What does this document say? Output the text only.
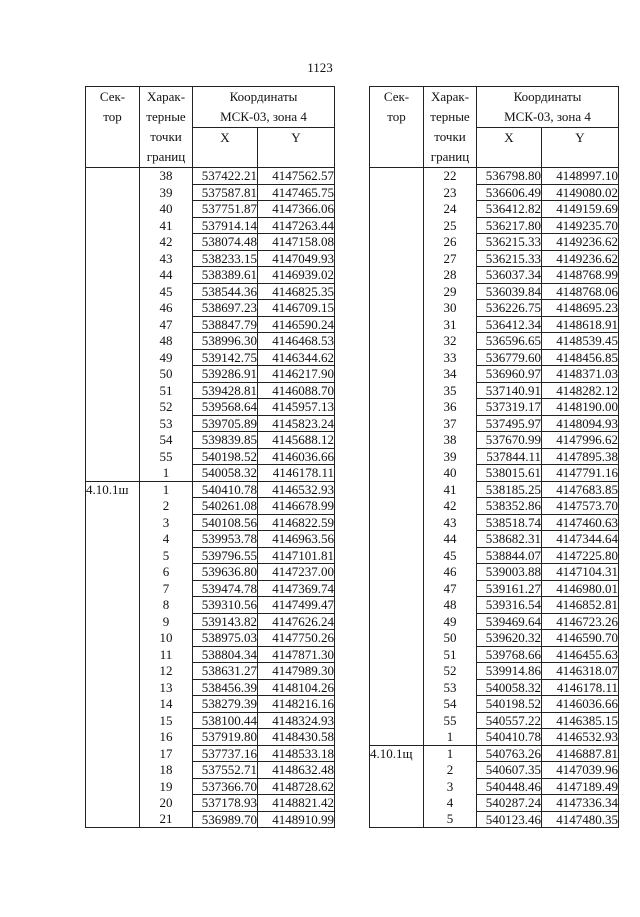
1123
Сек-
тор	Харак-
терные
точки
границ	Координаты
МСК-03, зона 4	
		X	Y
	38	537422.21	4147562.57
	39	537587.81	4147465.75
	40	537751.87	4147366.06
	41	537914.14	4147263.44
	42	538074.48	4147158.08
	43	538233.15	4147049.93
	44	538389.61	4146939.02
	45	538544.36	4146825.35
	46	538697.23	4146709.15
	47	538847.79	4146590.24
	48	538996.30	4146468.53
	49	539142.75	4146344.62
	50	539286.91	4146217.90
	51	539428.81	4146088.70
	52	539568.64	4145957.13
	53	539705.89	4145823.24
	54	539839.85	4145688.12
	55	540198.52	4146036.66
	1	540058.32	4146178.11
4.10.1ш	1	540410.78	4146532.93
	2	540261.08	4146678.99
	3	540108.56	4146822.59
	4	539953.78	4146963.56
	5	539796.55	4147101.81
	6	539636.80	4147237.00
	7	539474.78	4147369.74
	8	539310.56	4147499.47
	9	539143.82	4147626.24
	10	538975.03	4147750.26
	11	538804.34	4147871.30
	12	538631.27	4147989.30
	13	538456.39	4148104.26
	14	538279.39	4148216.16
	15	538100.44	4148324.93
	16	537919.80	4148430.58
	17	537737.16	4148533.18
	18	537552.71	4148632.48
	19	537366.70	4148728.62
	20	537178.93	4148821.42
	21	536989.70	4148910.99
Сек-
тор	Харак-
терные
точки
границ	Координаты
МСК-03, зона 4	
		X	Y
	22	536798.80	4148997.10
	23	536606.49	4149080.02
	24	536412.82	4149159.69
	25	536217.80	4149235.70
	26	536215.33	4149236.62
	27	536215.33	4149236.62
	28	536037.34	4148768.99
	29	536039.84	4148768.06
	30	536226.75	4148695.23
	31	536412.34	4148618.91
	32	536596.65	4148539.45
	33	536779.60	4148456.85
	34	536960.97	4148371.03
	35	537140.91	4148282.12
	36	537319.17	4148190.00
	37	537495.97	4148094.93
	38	537670.99	4147996.62
	39	537844.11	4147895.38
	40	538015.61	4147791.16
	41	538185.25	4147683.85
	42	538352.86	4147573.70
	43	538518.74	4147460.63
	44	538682.31	4147344.64
	45	538844.07	4147225.80
	46	539003.88	4147104.31
	47	539161.27	4146980.01
	48	539316.54	4146852.81
	49	539469.64	4146723.26
	50	539620.32	4146590.70
	51	539768.66	4146455.63
	52	539914.86	4146318.07
	53	540058.32	4146178.11
	54	540198.52	4146036.66
	55	540557.22	4146385.15
	1	540410.78	4146532.93
4.10.1щ	1	540763.26	4146887.81
	2	540607.35	4147039.96
	3	540448.46	4147189.49
	4	540287.24	4147336.34
	5	540123.46	4147480.35
